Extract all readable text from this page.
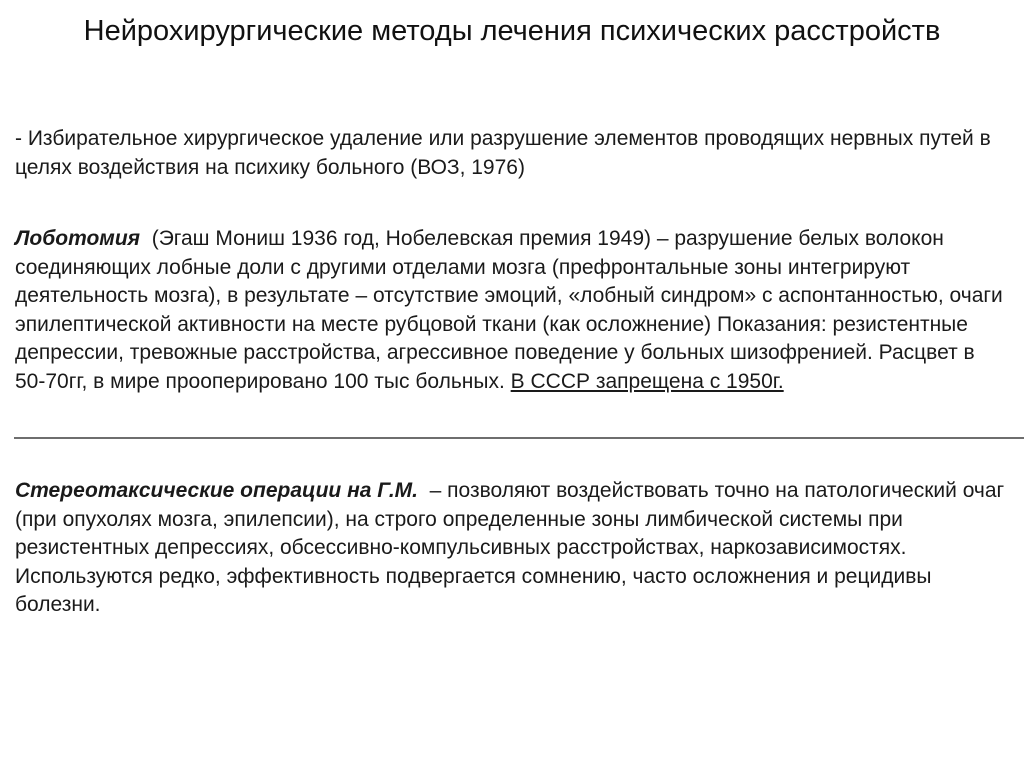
Нейрохирургические методы лечения психических расстройств
- Избирательное хирургическое удаление или разрушение элементов проводящих нервных путей в целях воздействия на психику больного (ВОЗ, 1976)
Лоботомия (Эгаш Мониш 1936 год, Нобелевская премия 1949) – разрушение белых волокон соединяющих лобные доли с другими отделами мозга (префронтальные зоны интегрируют деятельность мозга), в результате – отсутствие эмоций, «лобный синдром» с аспонтанностью, очаги эпилептической активности на месте рубцовой ткани (как осложнение) Показания: резистентные депрессии, тревожные расстройства, агрессивное поведение у больных шизофренией. Расцвет в 50-70гг, в мире прооперировано 100 тыс больных. В СССР запрещена с 1950г.
Стереотаксические операции на Г.М. – позволяют воздействовать точно на патологический очаг (при опухолях мозга, эпилепсии), на строго определенные зоны лимбической системы при резистентных депрессиях, обсессивно-компульсивных расстройствах, наркозависимостях. Используются редко, эффективность подвергается сомнению, часто осложнения и рецидивы болезни.
